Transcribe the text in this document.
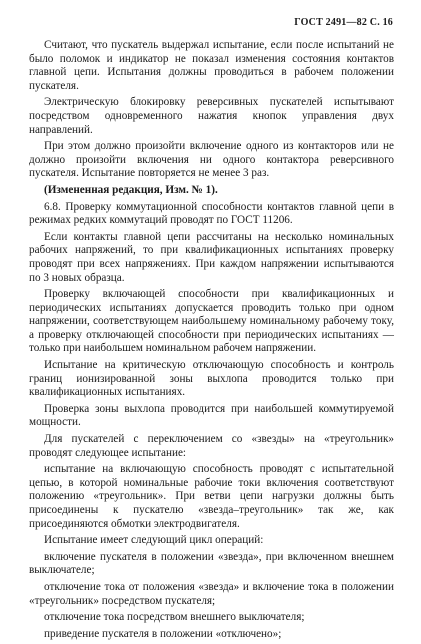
ГОСТ 2491—82 С. 16

Считают, что пускатель выдержал испытание, если после испытаний не было поломок и индикатор не показал изменения состояния контактов главной цепи. Испытания должны проводиться в рабочем положении пускателя.

Электрическую блокировку реверсивных пускателей испытывают посредством одновременного нажатия кнопок управления двух направлений.

При этом должно произойти включение одного из контакторов или не должно произойти включения ни одного контактора реверсивного пускателя. Испытание повторяется не менее 3 раз.

(Измененная редакция, Изм. № 1).

6.8. Проверку коммутационной способности контактов главной цепи в режимах редких коммутаций проводят по ГОСТ 11206.

Если контакты главной цепи рассчитаны на несколько номинальных рабочих напряжений, то при квалификационных испытаниях проверку проводят при всех напряжениях. При каждом напряжении испытываются по 3 новых образца.

Проверку включающей способности при квалификационных и периодических испытаниях допускается проводить только при одном напряжении, соответствующем наибольшему номинальному рабочему току, а проверку отключающей способности при периодических испытаниях — только при наибольшем номинальном рабочем напряжении.

Испытание на критическую отключающую способность и контроль границ ионизированной зоны выхлопа проводится только при квалификационных испытаниях.

Проверка зоны выхлопа проводится при наибольшей коммутируемой мощности.

Для пускателей с переключением со «звезды» на «треугольник» проводят следующее испытание:

испытание на включающую способность проводят с испытательной цепью, в которой номинальные рабочие токи включения соответствуют положению «треугольник». При ветви цепи нагрузки должны быть присоединены к пускателю «звезда–треугольник» так же, как присоединяются обмотки электродвигателя.

Испытание имеет следующий цикл операций:

включение пускателя в положении «звезда», при включенном внешнем выключателе;

отключение тока от положения «звезда» и включение тока в положении «треугольник» посредством пускателя;

отключение тока посредством внешнего выключателя;

приведение пускателя в положении «отключено»;
